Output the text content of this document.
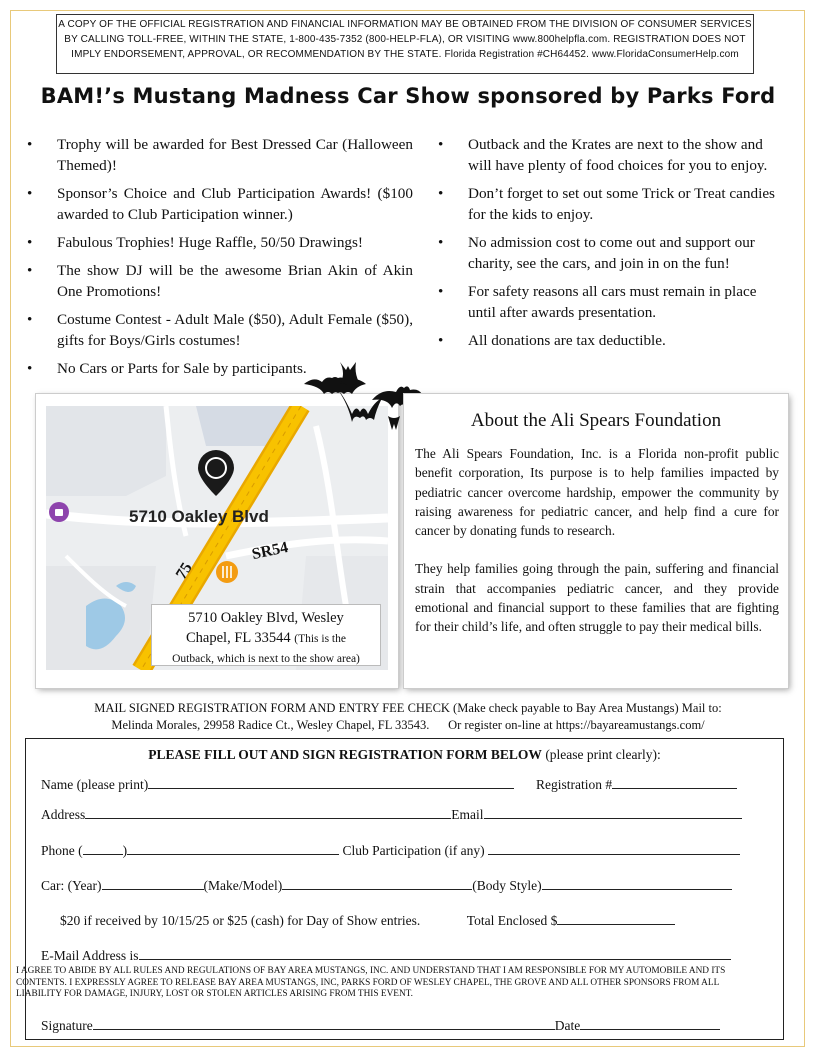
A COPY OF THE OFFICIAL REGISTRATION AND FINANCIAL INFORMATION MAY BE OBTAINED FROM THE DIVISION OF CONSUMER SERVICES
BY CALLING TOLL-FREE, WITHIN THE STATE, 1-800-435-7352 (800-HELP-FLA), OR VISITING www.800helpfla.com. REGISTRATION DOES NOT
IMPLY ENDORSEMENT, APPROVAL, OR RECOMMENDATION BY THE STATE. Florida Registration #CH64452. www.FloridaConsumerHelp.com
BAM!’s Mustang Madness Car Show sponsored by Parks Ford
• Trophy will be awarded for Best Dressed Car (Halloween Themed)!
• Sponsor’s Choice and Club Participation Awards! ($100 awarded to Club Participation winner.)
• Fabulous Trophies! Huge Raffle, 50/50 Drawings!
• The show DJ will be the awesome Brian Akin of Akin One Promotions!
• Costume Contest - Adult Male ($50), Adult Female ($50), gifts for Boys/Girls costumes!
• No Cars or Parts for Sale by participants.
• Outback and the Krates are next to the show and will have plenty of food choices for you to enjoy.
• Don’t forget to set out some Trick or Treat candies for the kids to enjoy.
• No admission cost to come out and support our charity, see the cars, and join in on the fun!
• For safety reasons all cars must remain in place until after awards presentation.
• All donations are tax deductible.
5710 Oakley Blvd
75
SR54
5710 Oakley Blvd, Wesley
Chapel, FL 33544 (This is the
Outback, which is next to the show area)
About the Ali Spears Foundation

The Ali Spears Foundation, Inc. is a Florida non-profit public benefit corporation, Its purpose is to help families impacted by pediatric cancer overcome hardship, empower the community by raising awareness for pediatric cancer, and help find a cure for cancer by donating funds to research.

They help families going through the pain, suffering and financial strain that accompanies pediatric cancer, and they provide emotional and financial support to these families that are fighting for their child’s life, and often struggle to pay their medical bills.

MAIL SIGNED REGISTRATION FORM AND ENTRY FEE CHECK (Make check payable to Bay Area Mustangs) Mail to:
Melinda Morales, 29958 Radice Ct., Wesley Chapel, FL 33543.      Or register on-line at https://bayareamustangs.com/
PLEASE FILL OUT AND SIGN REGISTRATION FORM BELOW (please print clearly):
Name (please print)	Registration #
Address	Email
Phone (	)	Club Participation (if any)
Car: (Year)	(Make/Model)	(Body Style)
$20 if received by 10/15/25 or $25 (cash) for Day of Show entries.	Total Enclosed $
E-Mail Address is
I AGREE TO ABIDE BY ALL RULES AND REGULATIONS OF BAY AREA MUSTANGS, INC. AND UNDERSTAND THAT I AM RESPONSIBLE FOR MY AUTOMOBILE AND ITS CONTENTS. I EXPRESSLY AGREE TO RELEASE BAY AREA MUSTANGS, INC, PARKS FORD OF WESLEY CHAPEL, THE GROVE AND ALL OTHER SPONSORS FROM ALL LIABILITY FOR DAMAGE, INJURY, LOST OR STOLEN ARTICLES ARISING FROM THIS EVENT.
Signature	Date
